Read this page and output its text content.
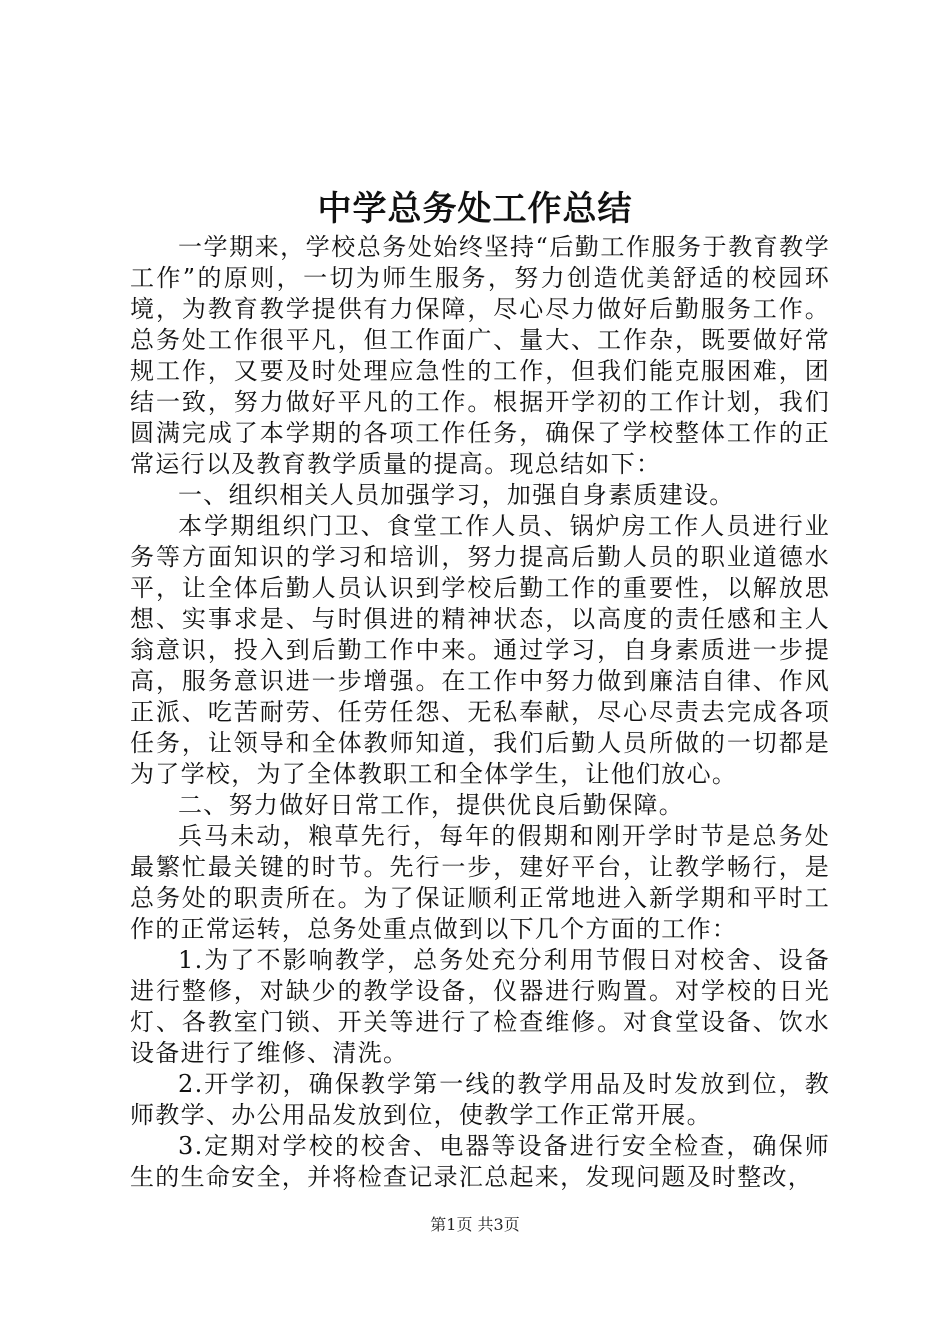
中学总务处工作总结

一学期来，学校总务处始终坚持“后勤工作服务于教育教学工作”的原则，一切为师生服务，努力创造优美舒适的校园环境，为教育教学提供有力保障，尽心尽力做好后勤服务工作。总务处工作很平凡，但工作面广、量大、工作杂，既要做好常规工作，又要及时处理应急性的工作，但我们能克服困难，团结一致，努力做好平凡的工作。根据开学初的工作计划，我们圆满完成了本学期的各项工作任务，确保了学校整体工作的正常运行以及教育教学质量的提高。现总结如下：

一、组织相关人员加强学习，加强自身素质建设。

本学期组织门卫、食堂工作人员、锅炉房工作人员进行业务等方面知识的学习和培训，努力提高后勤人员的职业道德水平，让全体后勤人员认识到学校后勤工作的重要性，以解放思想、实事求是、与时俱进的精神状态，以高度的责任感和主人翁意识，投入到后勤工作中来。通过学习，自身素质进一步提高，服务意识进一步增强。在工作中努力做到廉洁自律、作风正派、吃苦耐劳、任劳任怨、无私奉献，尽心尽责去完成各项任务，让领导和全体教师知道，我们后勤人员所做的一切都是为了学校，为了全体教职工和全体学生，让他们放心。

二、努力做好日常工作，提供优良后勤保障。

兵马未动，粮草先行，每年的假期和刚开学时节是总务处最繁忙最关键的时节。先行一步，建好平台，让教学畅行，是总务处的职责所在。为了保证顺利正常地进入新学期和平时工作的正常运转，总务处重点做到以下几个方面的工作：

1.为了不影响教学，总务处充分利用节假日对校舍、设备进行整修，对缺少的教学设备，仪器进行购置。对学校的日光灯、各教室门锁、开关等进行了检查维修。对食堂设备、饮水设备进行了维修、清洗。

2.开学初，确保教学第一线的教学用品及时发放到位，教师教学、办公用品发放到位，使教学工作正常开展。

3.定期对学校的校舍、电器等设备进行安全检查，确保师生的生命安全，并将检查记录汇总起来，发现问题及时整改，

第1页 共3页
